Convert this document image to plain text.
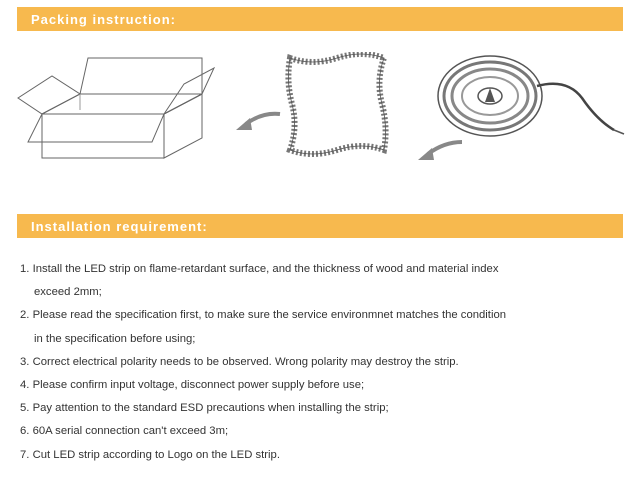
Packing instruction:
Installation requirement:
1. Install the LED strip on flame-retardant surface, and the thickness of wood and material index
exceed 2mm;
2. Please read the specification first, to make sure the service environmnet matches the condition
in the specification before using;
3. Correct electrical polarity needs to be observed. Wrong polarity may destroy the strip.
4. Please confirm input voltage, disconnect power supply before use;
5. Pay attention to the standard ESD precautions when installing the strip;
6. 60A serial connection can't exceed 3m;
7. Cut LED strip according to Logo on the LED strip.
